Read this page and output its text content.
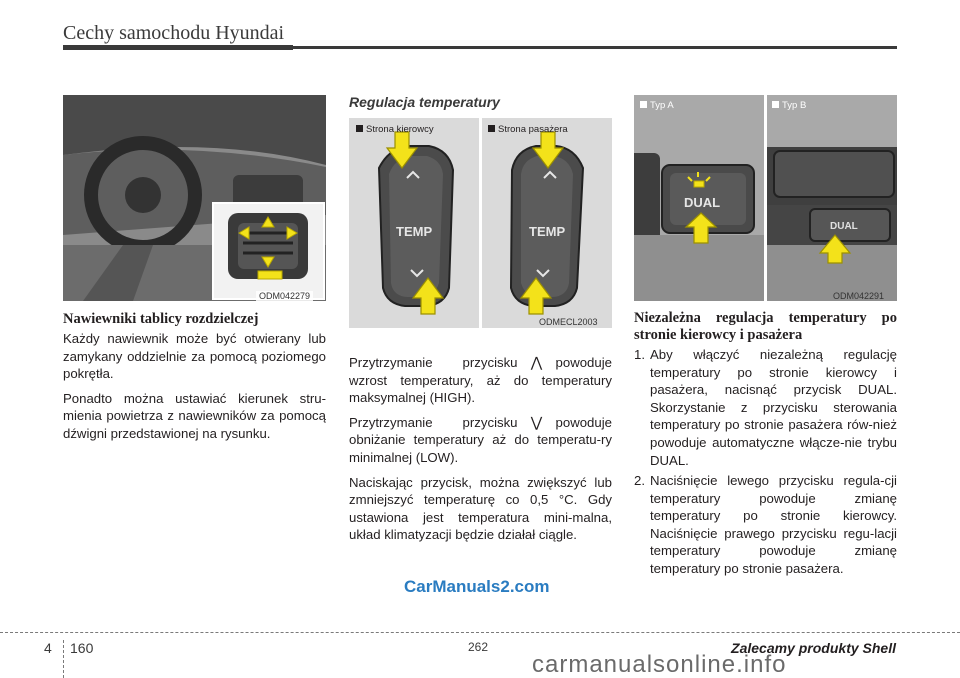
Cechy samochodu Hyundai
ODM042279
Nawiewniki tablicy rozdzielczej

Każdy nawiewnik może być otwierany lub zamykany oddzielnie za pomocą poziomego pokrętła.

Ponadto można ustawiać kierunek stru-mienia powietrza z nawiewników za pomocą dźwigni przedstawionej na rysunku.

Regulacja temperatury
TEMP	TEMP
Strona kierowcy	Strona pasażera
ODMECL2003

Przytrzymanie przycisku ⋀ powoduje wzrost temperatury, aż do temperatury maksymalnej (HIGH).

Przytrzymanie przycisku ⋁ powoduje obniżanie temperatury aż do temperatu-ry minimalnej (LOW).

Naciskając przycisk, można zwiększyć lub zmniejszyć temperaturę co 0,5 °C. Gdy ustawiona jest temperatura mini-malna, układ klimatyzacji będzie działał ciągle.

DUAL
DUAL
Typ A	Typ B
ODM042291
Niezależna regulacja temperatury po stronie kierowcy i pasażera
1. Aby włączyć niezależną regulację temperatury po stronie kierowcy i pasażera, nacisnąć przycisk DUAL. Skorzystanie z przycisku sterowania temperatury po stronie pasażera rów-nież powoduje automatyczne włącze-nie trybu DUAL.
2. Naciśnięcie lewego przycisku regula-cji temperatury powoduje zmianę temperatury po stronie kierowcy. Naciśnięcie prawego przycisku regu-lacji temperatury powoduje zmianę temperatury po stronie pasażera.
CarManuals2.com
4 160	262	Zalecamy produkty Shell
carmanualsonline.info
